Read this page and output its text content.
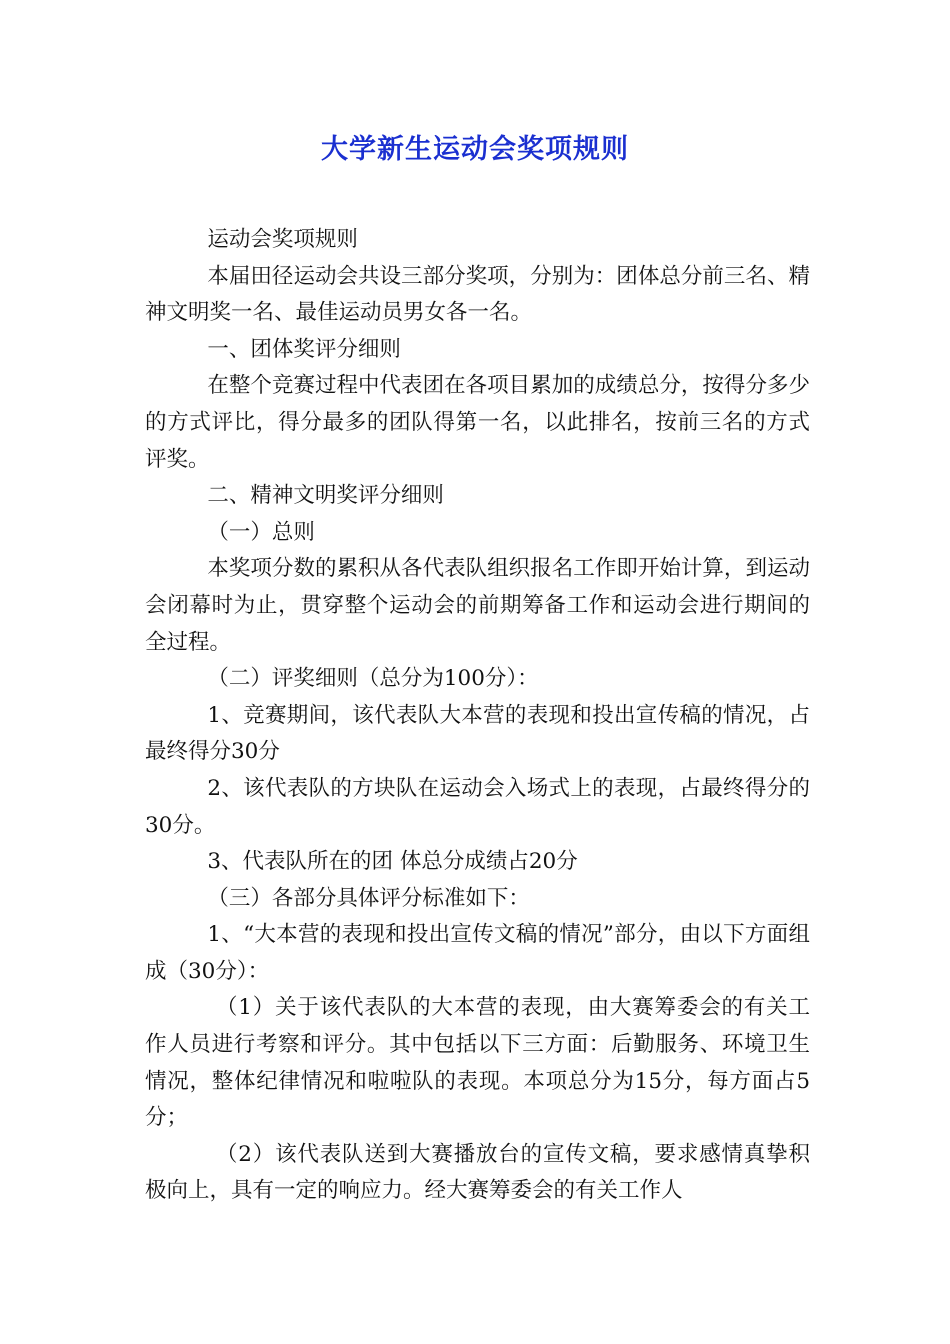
大学新生运动会奖项规则

运动会奖项规则

本届田径运动会共设三部分奖项，分别为：团体总分前三名、精神文明奖一名、最佳运动员男女各一名。

一、团体奖评分细则

在整个竞赛过程中代表团在各项目累加的成绩总分，按得分多少的方式评比，得分最多的团队得第一名，以此排名，按前三名的方式评奖。

二、精神文明奖评分细则

（一）总则

本奖项分数的累积从各代表队组织报名工作即开始计算，到运动会闭幕时为止，贯穿整个运动会的前期筹备工作和运动会进行期间的全过程。

（二）评奖细则（总分为100分）：

1、竞赛期间，该代表队大本营的表现和投出宣传稿的情况，占最终得分30分

2、该代表队的方块队在运动会入场式上的表现，占最终得分的30分。

3、代表队所在的团 体总分成绩占20分

（三）各部分具体评分标准如下：

1、“大本营的表现和投出宣传文稿的情况”部分，由以下方面组成（30分）：

（1）关于该代表队的大本营的表现，由大赛筹委会的有关工作人员进行考察和评分。其中包括以下三方面：后勤服务、环境卫生情况，整体纪律情况和啦啦队的表现。本项总分为15分，每方面占5分；

（2）该代表队送到大赛播放台的宣传文稿，要求感情真挚积极向上，具有一定的响应力。经大赛筹委会的有关工作人
